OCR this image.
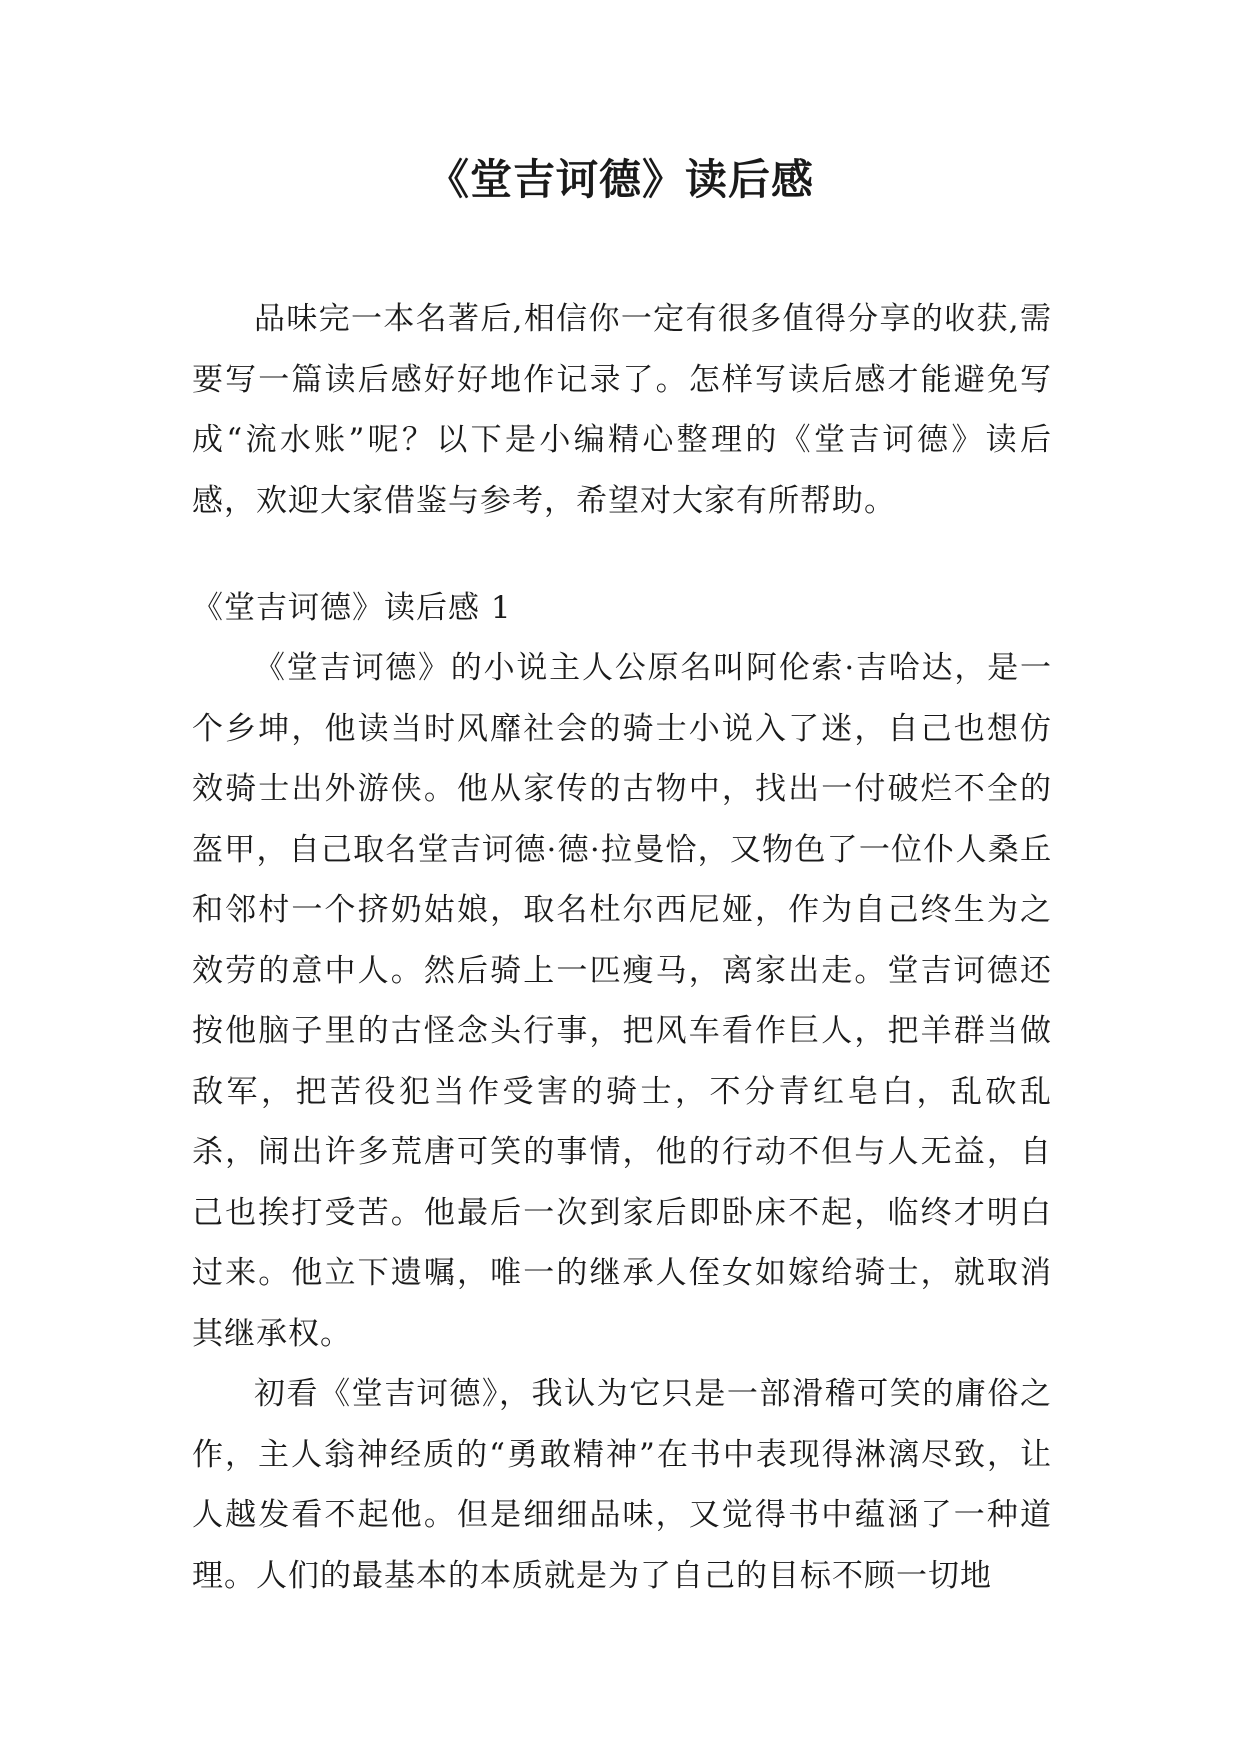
《堂吉诃德》读后感

品味完一本名著后,相信你一定有很多值得分享的收获,需要写一篇读后感好好地作记录了。怎样写读后感才能避免写成“流水账”呢？以下是小编精心整理的《堂吉诃德》读后感，欢迎大家借鉴与参考，希望对大家有所帮助。

《堂吉诃德》读后感 1

《堂吉诃德》的小说主人公原名叫阿伦索·吉哈达，是一个乡坤，他读当时风靡社会的骑士小说入了迷，自己也想仿效骑士出外游侠。他从家传的古物中，找出一付破烂不全的盔甲，自己取名堂吉诃德·德·拉曼恰，又物色了一位仆人桑丘和邻村一个挤奶姑娘，取名杜尔西尼娅，作为自己终生为之效劳的意中人。然后骑上一匹瘦马，离家出走。堂吉诃德还按他脑子里的古怪念头行事，把风车看作巨人，把羊群当做敌军，把苦役犯当作受害的骑士，不分青红皂白，乱砍乱杀，闹出许多荒唐可笑的事情，他的行动不但与人无益，自己也挨打受苦。他最后一次到家后即卧床不起，临终才明白过来。他立下遗嘱，唯一的继承人侄女如嫁给骑士，就取消其继承权。

初看《堂吉诃德》，我认为它只是一部滑稽可笑的庸俗之作，主人翁神经质的“勇敢精神”在书中表现得淋漓尽致，让人越发看不起他。但是细细品味，又觉得书中蕴涵了一种道理。人们的最基本的本质就是为了自己的目标不顾一切地
